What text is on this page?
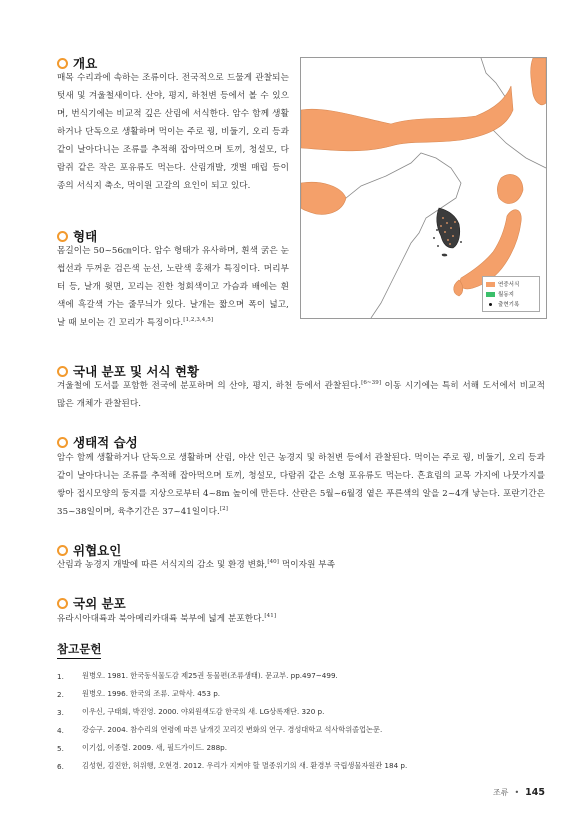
개요
매목 수리과에 속하는 조류이다. 전국적으로 드물게 관찰되는 텃새 및 겨울철새이다. 산야, 평지, 하천변 등에서 볼 수 있으며, 번식기에는 비교적 깊은 산림에 서식한다. 암수 함께 생활하거나 단독으로 생활하며 먹이는 주로 꿩, 비둘기, 오리 등과 같이 날아다니는 조류를 추적해 잡아먹으며 토끼, 청설모, 다람쥐 같은 작은 포유류도 먹는다. 산림개발, 갯벌 매립 등이 종의 서식지 축소, 먹이원 고갈의 요인이 되고 있다.
형태
몸길이는 50~56㎝이다. 암수 형태가 유사하며, 흰색 굵은 눈썹선과 두꺼운 검은색 눈선, 노란색 홍채가 특징이다. 머리부터 등, 날개 윗면, 꼬리는 진한 청회색이고 가슴과 배에는 흰색에 흑갈색 가는 줄무늬가 있다. 날개는 짧으며 폭이 넓고, 날 때 보이는 긴 꼬리가 특징이다.[1,2,3,4,5]
연중서식
월동지
출현기록
국내 분포 및 서식 현황
겨울철에 도서를 포함한 전국에 분포하며 의 산야, 평지, 하천 등에서 관찰된다.[6~39] 이동 시기에는 특히 서해 도서에서 비교적 많은 개체가 관찰된다.
생태적 습성
암수 함께 생활하거나 단독으로 생활하며 산림, 야산 인근 농경지 및 하천변 등에서 관찰된다. 먹이는 주로 꿩, 비둘기, 오리 등과 같이 날아다니는 조류를 추적해 잡아먹으며 토끼, 청설모, 다람쥐 같은 소형 포유류도 먹는다. 흔효림의 교목 가지에 나뭇가지를 쌓아 접시모양의 둥지를 지상으로부터 4~8m 높이에 만든다. 산란은 5월~6월경 옅은 푸른색의 알을 2~4개 낳는다. 포란기간은 35~38일이며, 육추기간은 37~41일이다.[2]
위협요인
산림과 농경지 개발에 따른 서식지의 감소 및 환경 변화,[40] 먹이자원 부족
국외 분포
유라시아대륙과 북아메리카대륙 북부에 넓게 분포한다.[41]
참고문헌
1.	원병오. 1981. 한국동식물도감 제25권 동물편(조류생태). 문교부. pp.497~499.
2.	원병오. 1996. 한국의 조류. 교학사. 453 p.
3.	이우신, 구태회, 박진영. 2000. 야외원색도감 한국의 새. LG상록재단. 320 p.
4.	강승구. 2004. 참수리의 연령에 따른 날개깃 꼬리깃 변화의 연구. 경성대학교 석사학위졸업논문.
5.	이기섭, 이종렬. 2009. 새, 필드가이드. 288p.
6.	김성현, 김진한, 허위행, 오현경. 2012. 우리가 지켜야 할 멸종위기의 새. 환경부 국립생물자원관 184 p.
조류 • 145
